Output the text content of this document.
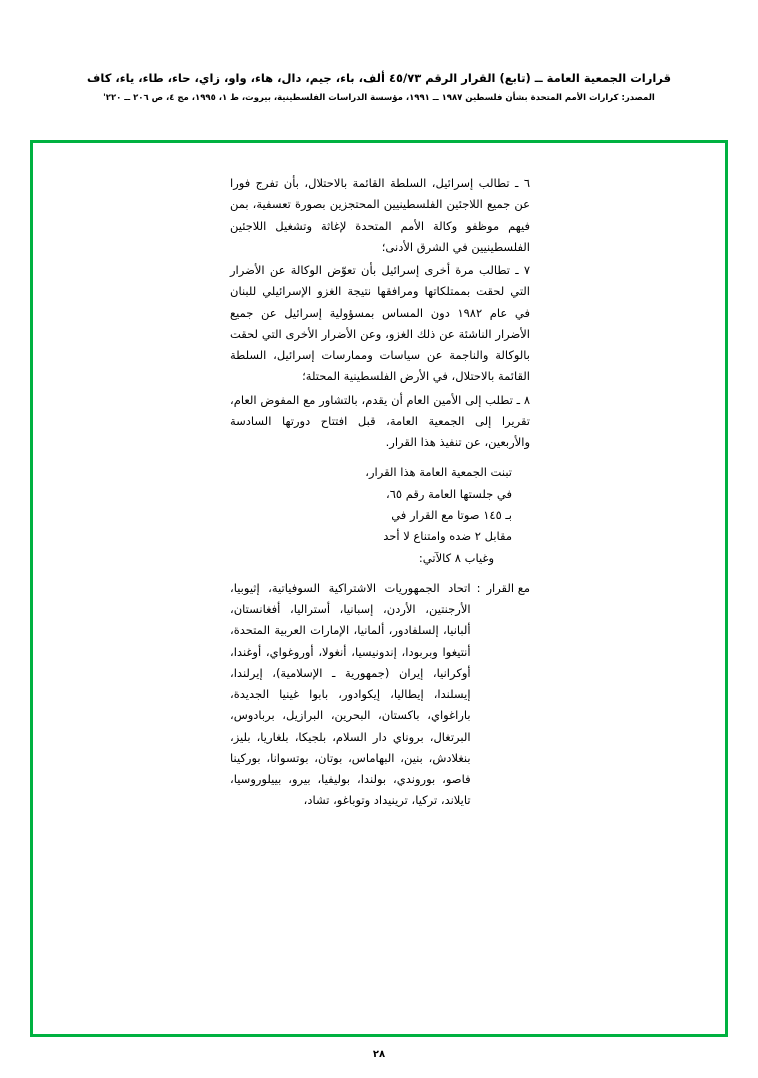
قرارات الجمعية العامة ــ (تابع) القرار الرقم ٤٥/٧٣ ألف، باء، جيم، دال، هاء، واو، زاي، حاء، طاء، ياء، كاف
المصدر: كرارات الأمم المتحدة بشأن فلسطين ١٩٨٧ ــ ١٩٩١، مؤسسة الدراسات الفلسطينية، بيروت، ط ١، ١٩٩٥، مج ٤، ص ٢٠٦ ــ ٢٢٠'

٦ ـ تطالب إسرائيل، السلطة القائمة بالاحتلال، بأن تفرج فورا عن جميع اللاجئين الفلسطينيين المحتجزين بصورة تعسفية، بمن فيهم موظفو وكالة الأمم المتحدة لإغاثة وتشغيل اللاجئين الفلسطينيين في الشرق الأدنى؛

٧ ـ تطالب مرة أخرى إسرائيل بأن تعوّض الوكالة عن الأضرار التي لحقت بممتلكاتها ومرافقها نتيجة الغزو الإسرائيلي للبنان في عام ١٩٨٢ دون المساس بمسؤولية إسرائيل عن جميع الأضرار الناشئة عن ذلك الغزو، وعن الأضرار الأخرى التي لحقت بالوكالة والناجمة عن سياسات وممارسات إسرائيل، السلطة القائمة بالاحتلال، في الأرض الفلسطينية المحتلة؛

٨ ـ تطلب إلى الأمين العام أن يقدم، بالتشاور مع المفوض العام، تقريرا إلى الجمعية العامة، قبل افتتاح دورتها السادسة والأربعين، عن تنفيذ هذا القرار.

تبنت الجمعية العامة هذا القرار،

في جلستها العامة رقم ٦٥،

بـ ١٤٥ صوتا مع القرار في

مقابل ٢ ضده وامتناع لا أحد

وغياب ٨ كالآتي:

مع القرار
:
اتحاد الجمهوريات الاشتراكية السوفياتية، إثيوبيا، الأرجنتين، الأردن، إسبانيا، أستراليا، أفغانستان، ألبانيا، إلسلفادور، ألمانيا، الإمارات العربية المتحدة، أنتيغوا وبربودا، إندونيسيا، أنغولا، أوروغواي، أوغندا، أوكرانيا، إيران (جمهورية ـ الإسلامية)، إيرلندا، إيسلندا، إيطاليا، إيكوادور، بابوا غينيا الجديدة، باراغواي، باكستان، البحرين، البرازيل، بربادوس، البرتغال، بروناي دار السلام، بلجيكا، بلغاريا، بليز، بنغلادش، بنين، البهاماس، بوتان، بوتسوانا، بوركينا فاصو، بوروندي، بولندا، بوليفيا، بيرو، بييلوروسيا، تايلاند، تركيا، ترينيداد وتوباغو، تشاد،
٢٨
